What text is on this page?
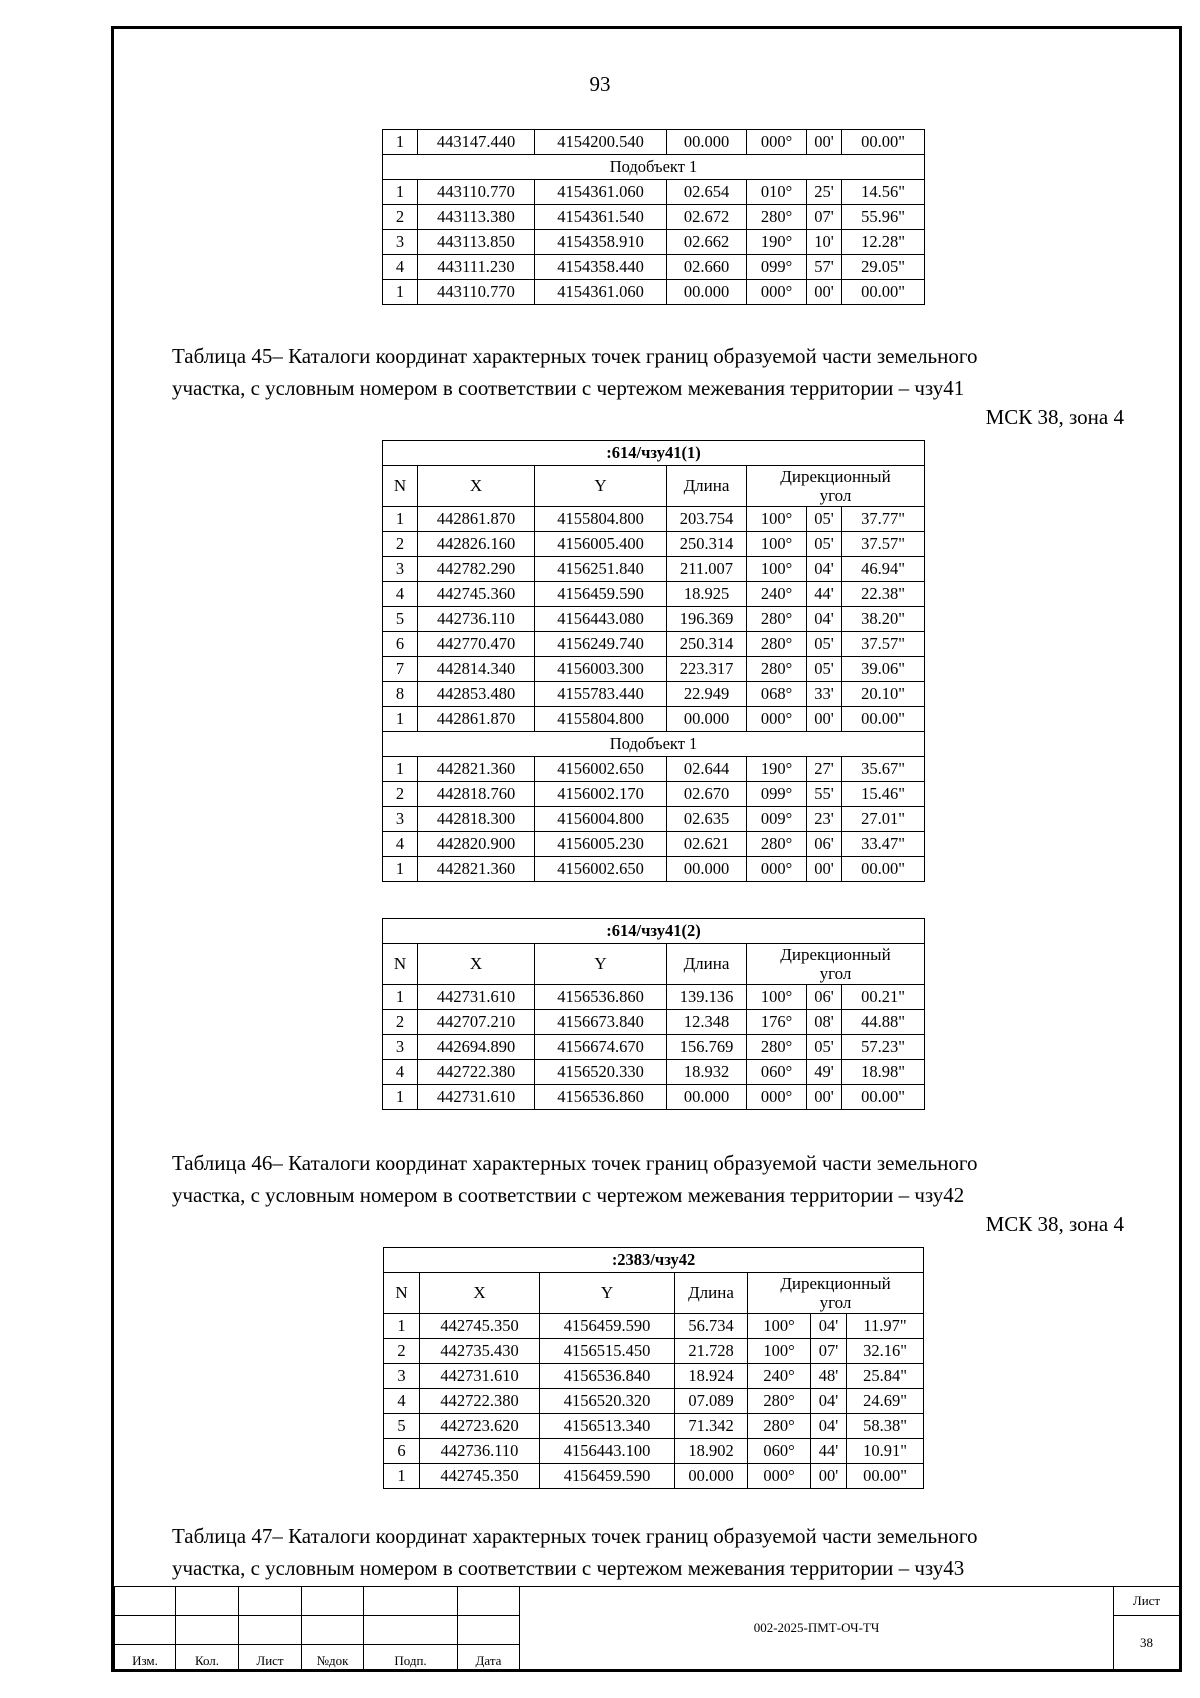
93
1	443147.440	4154200.540	00.000	000°	00'	00.00"
Подобъект 1						
1	443110.770	4154361.060	02.654	010°	25'	14.56"
2	443113.380	4154361.540	02.672	280°	07'	55.96"
3	443113.850	4154358.910	02.662	190°	10'	12.28"
4	443111.230	4154358.440	02.660	099°	57'	29.05"
1	443110.770	4154361.060	00.000	000°	00'	00.00"
Таблица 45– Каталоги координат характерных точек границ образуемой части земельного
участка, с условным номером в соответствии с чертежом межевания территории – чзу41
МСК 38, зона 4
:614/чзу41(1)						
N	X	Y	Длина	Дирекционный
угол		
1	442861.870	4155804.800	203.754	100°	05'	37.77"
2	442826.160	4156005.400	250.314	100°	05'	37.57"
3	442782.290	4156251.840	211.007	100°	04'	46.94"
4	442745.360	4156459.590	18.925	240°	44'	22.38"
5	442736.110	4156443.080	196.369	280°	04'	38.20"
6	442770.470	4156249.740	250.314	280°	05'	37.57"
7	442814.340	4156003.300	223.317	280°	05'	39.06"
8	442853.480	4155783.440	22.949	068°	33'	20.10"
1	442861.870	4155804.800	00.000	000°	00'	00.00"
Подобъект 1						
1	442821.360	4156002.650	02.644	190°	27'	35.67"
2	442818.760	4156002.170	02.670	099°	55'	15.46"
3	442818.300	4156004.800	02.635	009°	23'	27.01"
4	442820.900	4156005.230	02.621	280°	06'	33.47"
1	442821.360	4156002.650	00.000	000°	00'	00.00"
:614/чзу41(2)						
N	X	Y	Длина	Дирекционный
угол		
1	442731.610	4156536.860	139.136	100°	06'	00.21"
2	442707.210	4156673.840	12.348	176°	08'	44.88"
3	442694.890	4156674.670	156.769	280°	05'	57.23"
4	442722.380	4156520.330	18.932	060°	49'	18.98"
1	442731.610	4156536.860	00.000	000°	00'	00.00"
Таблица 46– Каталоги координат характерных точек границ образуемой части земельного
участка, с условным номером в соответствии с чертежом межевания территории – чзу42
МСК 38, зона 4
:2383/чзу42						
N	X	Y	Длина	Дирекционный
угол		
1	442745.350	4156459.590	56.734	100°	04'	11.97"
2	442735.430	4156515.450	21.728	100°	07'	32.16"
3	442731.610	4156536.840	18.924	240°	48'	25.84"
4	442722.380	4156520.320	07.089	280°	04'	24.69"
5	442723.620	4156513.340	71.342	280°	04'	58.38"
6	442736.110	4156443.100	18.902	060°	44'	10.91"
1	442745.350	4156459.590	00.000	000°	00'	00.00"
Таблица 47– Каталоги координат характерных точек границ образуемой части земельного
участка, с условным номером в соответствии с чертежом межевания территории – чзу43
						002-2025-ПМТ-ОЧ-ТЧ	Лист
							38
Изм.	Кол.	Лист	№док	Подп.	Дата		
